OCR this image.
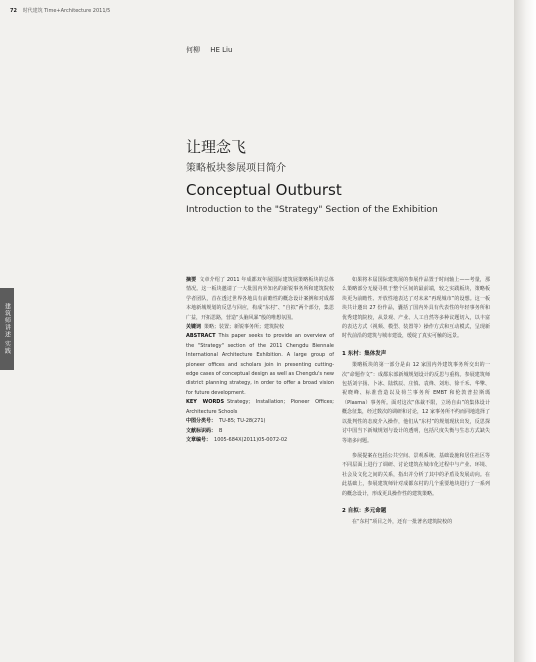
72 时代建筑 Time+Architecture 2011/5
何柳 HE Liu
建筑师讲述 实践
让理念飞
策略板块参展项目简介
Conceptual Outburst
Introduction to the "Strategy" Section of the Exhibition

摘要 文章介绍了 2011 年成都双年展国际建筑展策略板块的总体情况。这一板块邀请了一大批国内外知名的新锐事务所和建筑院校学者团队，首在透过世界各地具有前瞻性的概念设计案例和对成都本地新城规划的反思与回应，构成“东村”、“自拟”两个部分，集思广益，开拓思路，营造“头脑风暴”般的唯想氛围。

关键词 策略；装置；新锐事务所；建筑院校

ABSTRACT This paper seeks to provide an overview of the "Strategy" section of the 2011 Chengdu Biennale International Architecture Exhibition. A large group of pioneer offices and scholars join in presenting cutting-edge cases of conceptual design as well as Chengdu's new district planning strategy, in order to offer a broad vision for future development.

KEY WORDS Strategy; Installation; Pioneer Offices; Architecture Schools

中图分类号： TU-85; TU-28(271)

文献标识码： B

文章编号： 1005-684X(2011)05-0072-02

如果将本届国际建筑展的参展作品置于时间轴上——考量，那么策略部分无疑寻机于整个区间的最前端，较之实践板块，策略板块更为前瞻性、开放性地表达了对未来“再现城市”的设想。这一板块共计邀出 27 份作品，囊括了国内外具有代表性的年轻事务所和优秀建筑院校，从景观、产业、人工自然等多种议题切入，以丰富的表达方式（视频、模型、装置等）操作方式和互动模式，呈现新时代前沿的建筑与城市建设，缓绽了真实可触的远景。

1 东村：集体发声

策略板块的第一部分是由 12 家国内外建筑事务所交出的一次“命题作文”：成都东部新城规划设计的反思与重构。参展建筑师包括刘宇扬、卜冰、陆轶辰、庄慎、袁烽、刘珩、徐千禾、华擎、祝晓峰、标准营造以及荷兰事务所 EMBT 和伦敦普拉斯瑪（Plasma）事务所。面对这次“体裁不限，立场自由”的集体设计概念征集，经过数次的调研和讨论，12 家事务所不约而同地选择了以批判性的态度介入操作，他们从“东村”的规划现状出发，反思探讨中国当下新城规划与设计的透明，包括尺度失衡与生态方式缺失等诸多问题。

参展提案在包括公共空间、景观系统、基础设施和居住社区等不同层面上进行了调研、讨论建筑在城市化过程中与产业、环境、社会及文化之间的关系，指出并分析了其中的矛盾及发展动向。在此基础上，参展建筑师针对成都东村的几个重要地块进行了一系列的概念设计，形成更具操作性的建筑策略。

2 自拟：多元命题

在“东村”项目之外，还有一批著名建筑院校的
